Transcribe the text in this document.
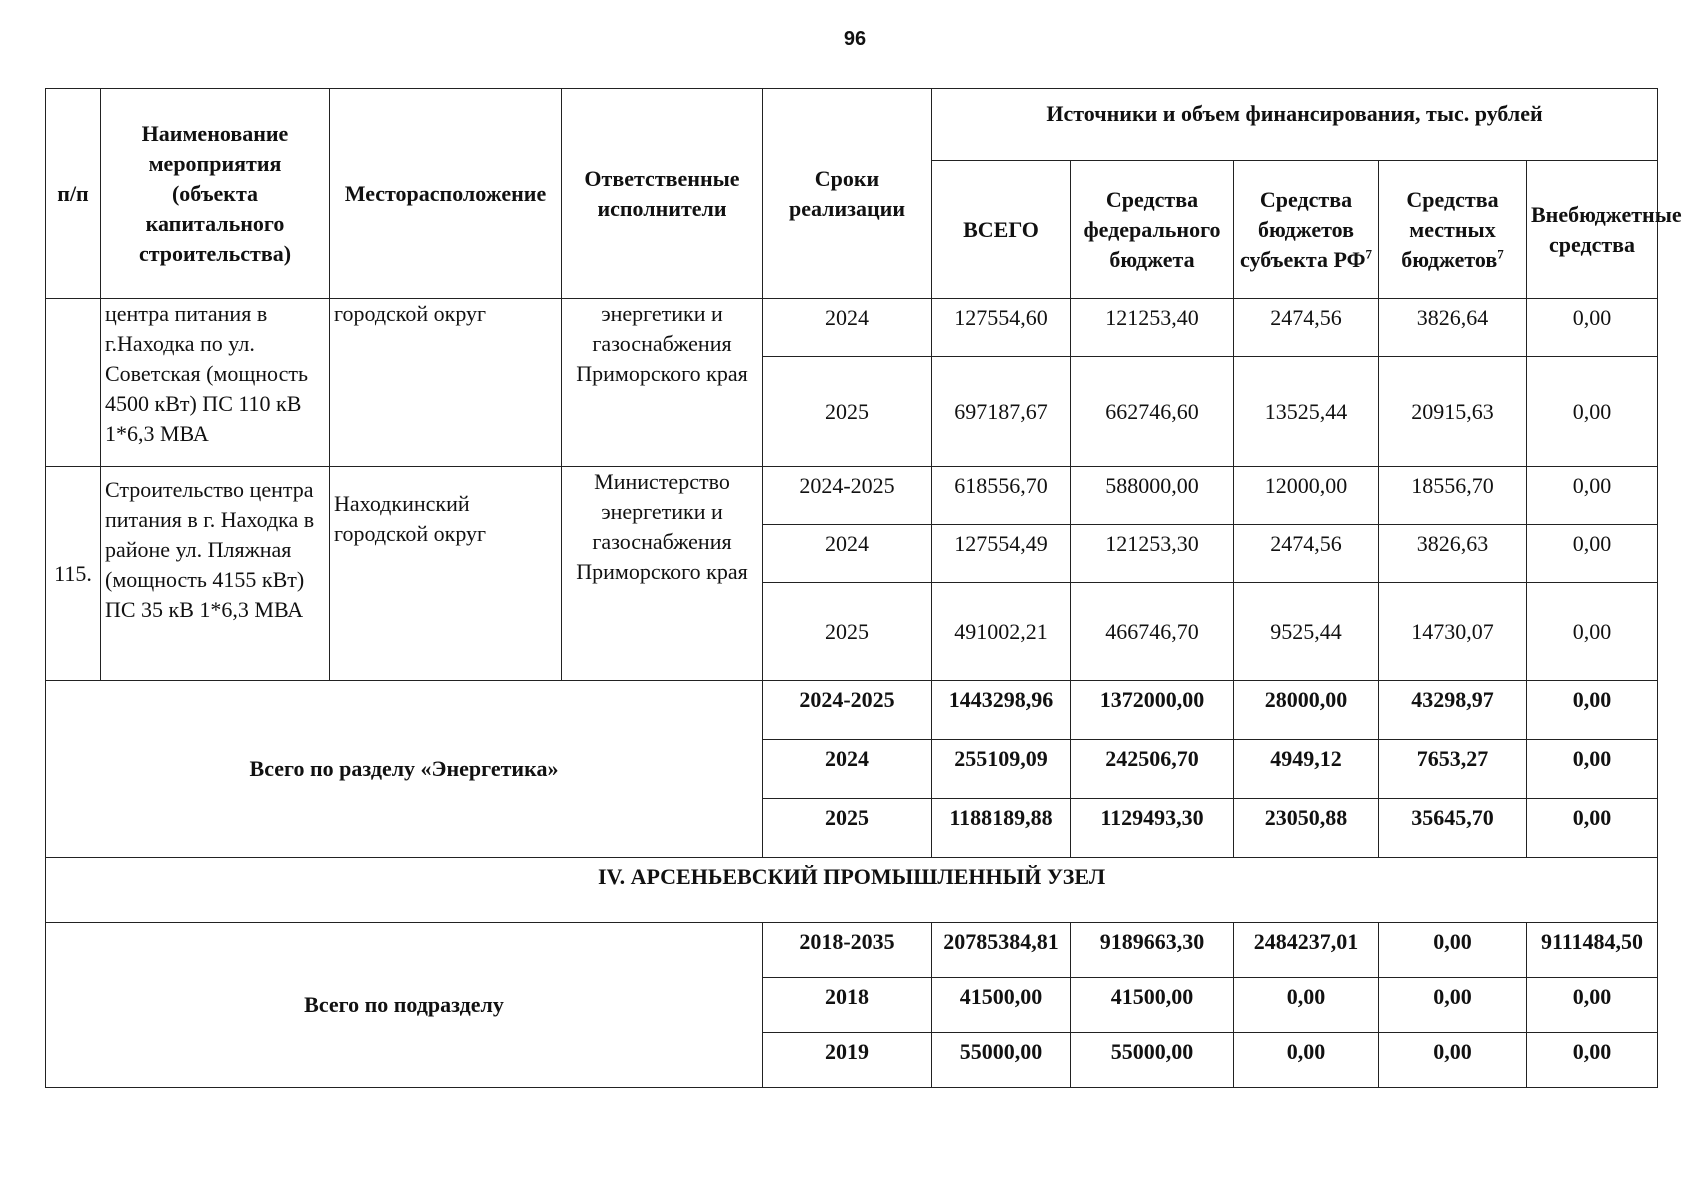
96
п/п	Наименование мероприятия (объекта капитального строительства)	Месторасположение	Ответственные исполнители	Сроки реализации	Источники и объем финансирования, тыс. рублей				
					ВСЕГО	Средства федерального бюджета	Средства бюджетов субъекта $РФ^7$	Средства местных бюджетов$^7$	Внебюджетные средства
	центра питания в г.Находка по ул. Советская (мощность 4500 кВт) ПС 110 кВ 1*6,3 МВА	городской округ	энергетики и газоснабжения Приморского края	2024	127554,60	121253,40	2474,56	3826,64	0,00
				2025	697187,67	662746,60	13525,44	20915,63	0,00
115.	Строительство центра питания в г. Находка в районе ул. Пляжная (мощность 4155 кВт) ПС 35 кВ 1*6,3 МВА	Находкинский городской округ	Министерство энергетики и газоснабжения Приморского края	2024-2025	618556,70	588000,00	12000,00	18556,70	0,00
				2024	127554,49	121253,30	2474,56	3826,63	0,00
				2025	491002,21	466746,70	9525,44	14730,07	0,00
Всего по разделу «Энергетика»				2024-2025	1443298,96	1372000,00	28000,00	43298,97	0,00
				2024	255109,09	242506,70	4949,12	7653,27	0,00
				2025	1188189,88	1129493,30	23050,88	35645,70	0,00
IV. АРСЕНЬЕВСКИЙ ПРОМЫШЛЕННЫЙ УЗЕЛ									
Всего по подразделу				2018-2035	20785384,81	9189663,30	2484237,01	0,00	9111484,50
				2018	41500,00	41500,00	0,00	0,00	0,00
				2019	55000,00	55000,00	0,00	0,00	0,00
